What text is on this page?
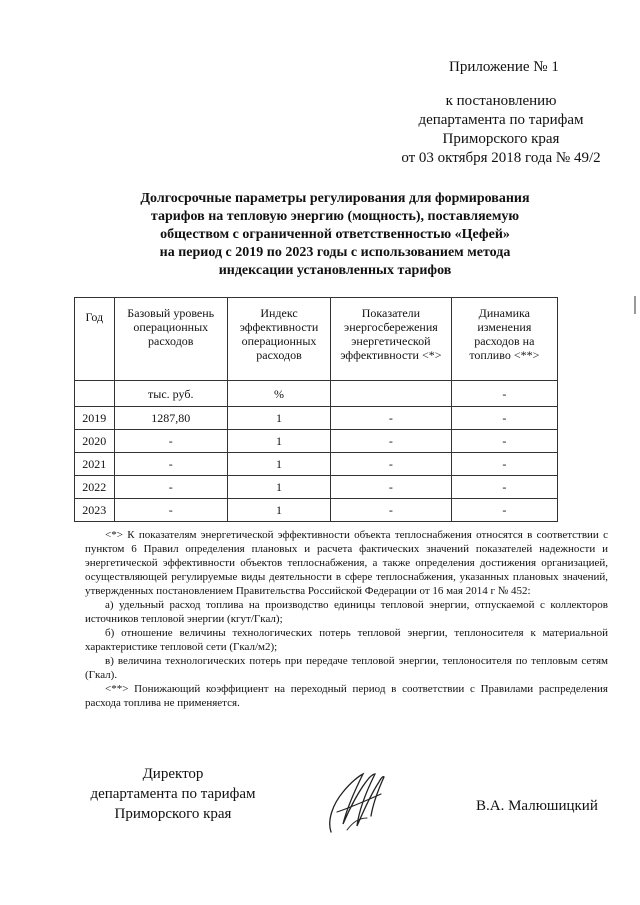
Приложение № 1
к постановлению
департамента по тарифам
Приморского края
от 03 октября 2018 года № 49/2
Долгосрочные параметры регулирования для формирования
тарифов на тепловую энергию (мощность), поставляемую
обществом с ограниченной ответственностью «Цефей»
на период с 2019 по 2023 годы с использованием метода
индексации установленных тарифов
Год	Базовый уровень операционных расходов	Индекс эффективности операционных расходов	Показатели энергосбережения энергетической эффективности <*>	Динамика изменения расходов на топливо <**>
	тыс. руб.	%		-
2019	1287,80	1	-	-
2020	-	1	-	-
2021	-	1	-	-
2022	-	1	-	-
2023	-	1	-	-

<*> К показателям энергетической эффективности объекта теплоснабжения относятся в соответствии с пунктом 6 Правил определения плановых и расчета фактических значений показателей надежности и энергетической эффективности объектов теплоснабжения, а также определения достижения организацией, осуществляющей регулируемые виды деятельности в сфере теплоснабжения, указанных плановых значений, утвержденных постановлением Правительства Российской Федерации от 16 мая 2014 г № 452:

а) удельный расход топлива на производство единицы тепловой энергии, отпускаемой с коллекторов источников тепловой энергии (кгут/Гкал);

б) отношение величины технологических потерь тепловой энергии, теплоносителя к материальной характеристике тепловой сети (Гкал/м2);

в) величина технологических потерь при передаче тепловой энергии, теплоносителя по тепловым сетям (Гкал).

<**> Понижающий коэффициент на переходный период в соответствии с Правилами распределения расхода топлива не применяется.

Директор
департамента по тарифам
Приморского края	В.А. Малюшицкий
